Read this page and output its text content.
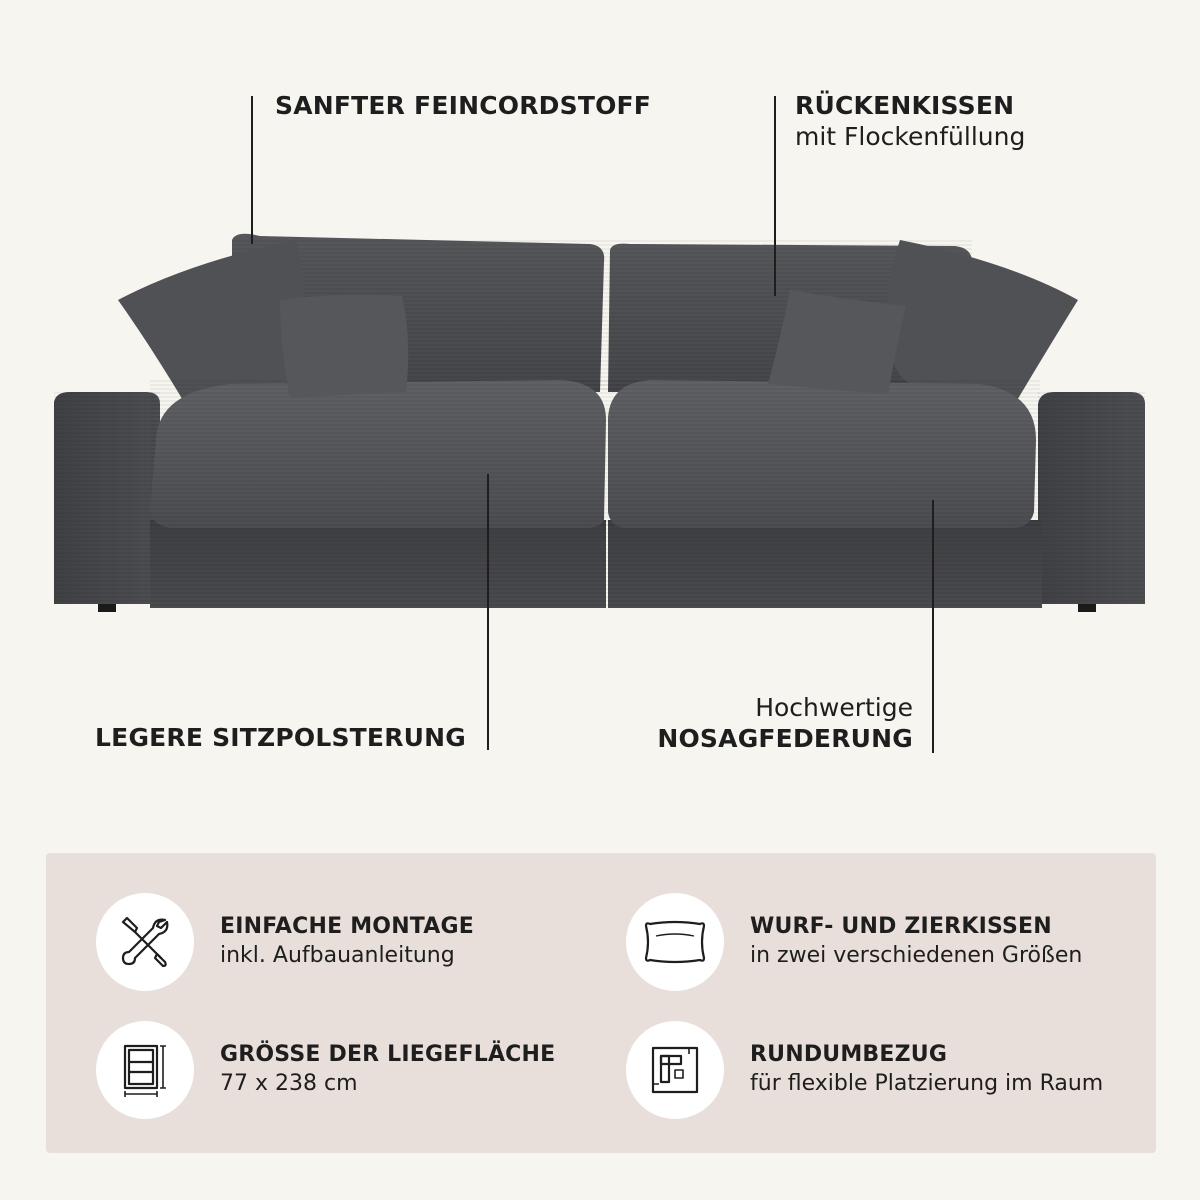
SANFTER FEINCORDSTOFF	RÜCKENKISSEN
mit Flockenfüllung
LEGERE SITZPOLSTERUNG
Hochwertige
NOSAGFEDERUNG
EINFACHE MONTAGE
inkl. Aufbauanleitung
WURF- UND ZIERKISSEN
in zwei verschiedenen Größen
GRÖSSE DER LIEGEFLÄCHE
77 x 238 cm
RUNDUMBEZUG
für flexible Platzierung im Raum
